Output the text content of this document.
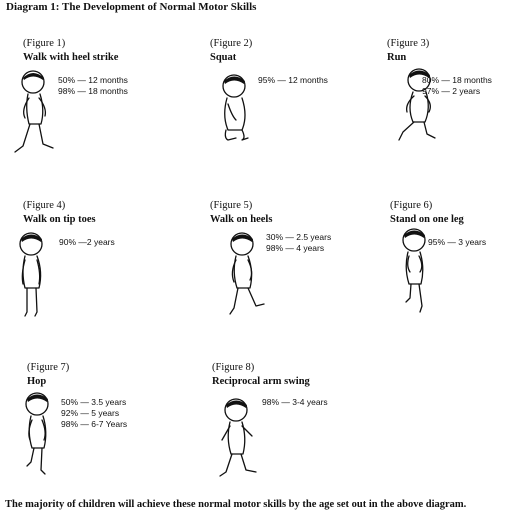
Diagram 1: The Development of Normal Motor Skills
(Figure 1)
Walk with heel strike
50% — 12 months
98% — 18 months
(Figure 2)
Squat
95% — 12 months
(Figure 3)
Run
80% — 18 months
97% — 2 years
(Figure 4)
Walk on tip toes
90% —2 years
(Figure 5)
Walk on heels
30% — 2.5 years
98% — 4 years
(Figure 6)
Stand on one leg
95% — 3 years
(Figure 7)
Hop
50% — 3.5 years
92% — 5 years
98% — 6-7 Years
(Figure 8)
Reciprocal arm swing
98% — 3-4 years
The majority of children will achieve these normal motor skills by the age set out in the above diagram.
